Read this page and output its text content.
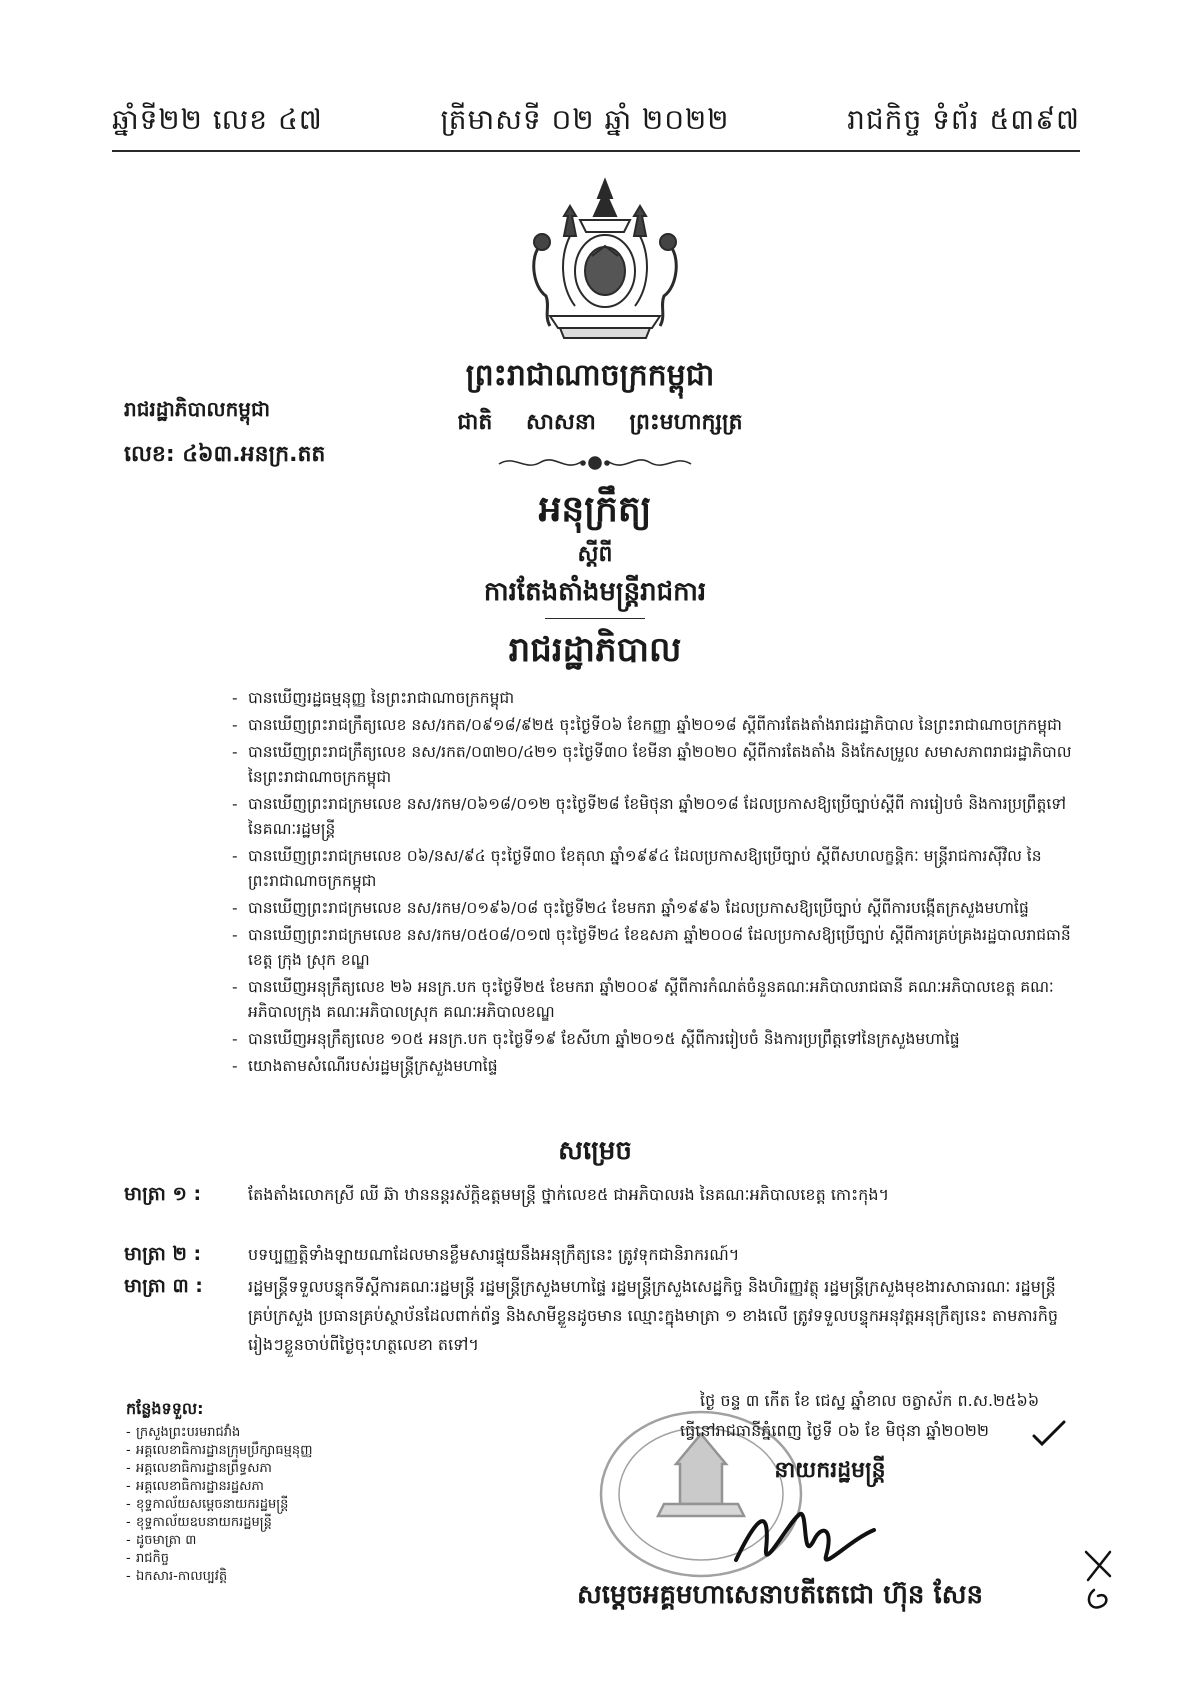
ឆ្នាំទី២២ លេខ ៤៧	ត្រីមាសទី ០២ ឆ្នាំ ២០២២	រាជកិច្ច ទំព័រ ៥៣៩៧
ព្រះរាជាណាចក្រកម្ពុជា
ជាតិ សាសនា ព្រះមហាក្សត្រ
រាជរដ្ឋាភិបាលកម្ពុជា
លេខ: ៤៦៣.អនក្រ.តត
អនុក្រឹត្យ
ស្តីពី
ការតែងតាំងមន្ត្រីរាជការ
រាជរដ្ឋាភិបាល
- បានឃើញរដ្ឋធម្មនុញ្ញ នៃព្រះរាជាណាចក្រកម្ពុជា
- បានឃើញព្រះរាជក្រឹត្យលេខ នស/រកត/០៩១៨/៩២៥ ចុះថ្ងៃទី០៦ ខែកញ្ញា ឆ្នាំ២០១៨ ស្តីពីការតែងតាំងរាជរដ្ឋាភិបាល នៃព្រះរាជាណាចក្រកម្ពុជា
- បានឃើញព្រះរាជក្រឹត្យលេខ នស/រកត/០៣២០/៤២១ ចុះថ្ងៃទី៣០ ខែមីនា ឆ្នាំ២០២០ ស្តីពីការតែងតាំង និងកែសម្រួល សមាសភាពរាជរដ្ឋាភិបាល នៃព្រះរាជាណាចក្រកម្ពុជា
- បានឃើញព្រះរាជក្រមលេខ នស/រកម/០៦១៨/០១២ ចុះថ្ងៃទី២៨ ខែមិថុនា ឆ្នាំ២០១៨ ដែលប្រកាសឱ្យប្រើច្បាប់ស្តីពី ការរៀបចំ និងការប្រព្រឹត្តទៅ នៃគណៈរដ្ឋមន្ត្រី
- បានឃើញព្រះរាជក្រមលេខ ០៦/នស/៩៤ ចុះថ្ងៃទី៣០ ខែតុលា ឆ្នាំ១៩៩៤ ដែលប្រកាសឱ្យប្រើច្បាប់ ស្តីពីសហលក្ខន្តិកៈ មន្ត្រីរាជការស៊ីវិល នៃព្រះរាជាណាចក្រកម្ពុជា
- បានឃើញព្រះរាជក្រមលេខ នស/រកម/០១៩៦/០៨ ចុះថ្ងៃទី២៤ ខែមករា ឆ្នាំ១៩៩៦ ដែលប្រកាសឱ្យប្រើច្បាប់ ស្តីពីការបង្កើតក្រសួងមហាផ្ទៃ
- បានឃើញព្រះរាជក្រមលេខ នស/រកម/០៥០៨/០១៧ ចុះថ្ងៃទី២៤ ខែឧសភា ឆ្នាំ២០០៨ ដែលប្រកាសឱ្យប្រើច្បាប់ ស្តីពីការគ្រប់គ្រងរដ្ឋបាលរាជធានី ខេត្ត ក្រុង ស្រុក ខណ្ឌ
- បានឃើញអនុក្រឹត្យលេខ ២៦ អនក្រ.បក ចុះថ្ងៃទី២៥ ខែមករា ឆ្នាំ២០០៩ ស្តីពីការកំណត់ចំនួនគណៈអភិបាលរាជធានី គណៈអភិបាលខេត្ត គណៈអភិបាលក្រុង គណៈអភិបាលស្រុក គណៈអភិបាលខណ្ឌ
- បានឃើញអនុក្រឹត្យលេខ ១០៥ អនក្រ.បក ចុះថ្ងៃទី១៩ ខែសីហា ឆ្នាំ២០១៥ ស្តីពីការរៀបចំ និងការប្រព្រឹត្តទៅនៃក្រសួងមហាផ្ទៃ
- យោងតាមសំណើរបស់រដ្ឋមន្ត្រីក្រសួងមហាផ្ទៃ
សម្រេច
មាត្រា ១ :	តែងតាំងលោកស្រី ឈី ឆ៊ា ឋាននន្តរស័ក្តិឧត្តមមន្ត្រី ថ្នាក់លេខ៥ ជាអភិបាលរង នៃគណៈអភិបាលខេត្ត កោះកុង។
មាត្រា ២ :	បទប្បញ្ញត្តិទាំងឡាយណាដែលមានខ្លឹមសារផ្ទុយនឹងអនុក្រឹត្យនេះ ត្រូវទុកជានិរាករណ៍។
មាត្រា ៣ :	រដ្ឋមន្ត្រីទទួលបន្ទុកទីស្តីការគណៈរដ្ឋមន្ត្រី រដ្ឋមន្ត្រីក្រសួងមហាផ្ទៃ រដ្ឋមន្ត្រីក្រសួងសេដ្ឋកិច្ច និងហិរញ្ញវត្ថុ រដ្ឋមន្ត្រីក្រសួងមុខងារសាធារណៈ រដ្ឋមន្ត្រីគ្រប់ក្រសួង ប្រធានគ្រប់ស្ថាប័នដែលពាក់ព័ន្ធ និងសាមីខ្លួនដូចមាន ឈ្មោះក្នុងមាត្រា ១ ខាងលើ ត្រូវទទួលបន្ទុកអនុវត្តអនុក្រឹត្យនេះ តាមភារកិច្ចរៀងៗខ្លួនចាប់ពីថ្ងៃចុះហត្ថលេខា តទៅ។
កន្លែងទទួល:
- ក្រសួងព្រះបរមរាជវាំង
- អគ្គលេខាធិការដ្ឋានក្រុមប្រឹក្សាធម្មនុញ្ញ
- អគ្គលេខាធិការដ្ឋានព្រឹទ្ធសភា
- អគ្គលេខាធិការដ្ឋានរដ្ឋសភា
- ខុទ្ទកាល័យសម្តេចនាយករដ្ឋមន្ត្រី
- ខុទ្ទកាល័យឧបនាយករដ្ឋមន្ត្រី
- ដូចមាត្រា ៣
- រាជកិច្ច
- ឯកសារ-កាលប្បវត្តិ
ថ្ងៃ ចន្ទ ៣ កើត ខែ ជេស្ឋ ឆ្នាំខាល ចត្វាស័ក ព.ស.២៥៦៦
ធ្វើនៅរាជធានីភ្នំពេញ ថ្ងៃទី ០៦ ខែ មិថុនា ឆ្នាំ២០២២
នាយករដ្ឋមន្ត្រី
សម្តេចអគ្គមហាសេនាបតីតេជោ ហ៊ុន សែន
